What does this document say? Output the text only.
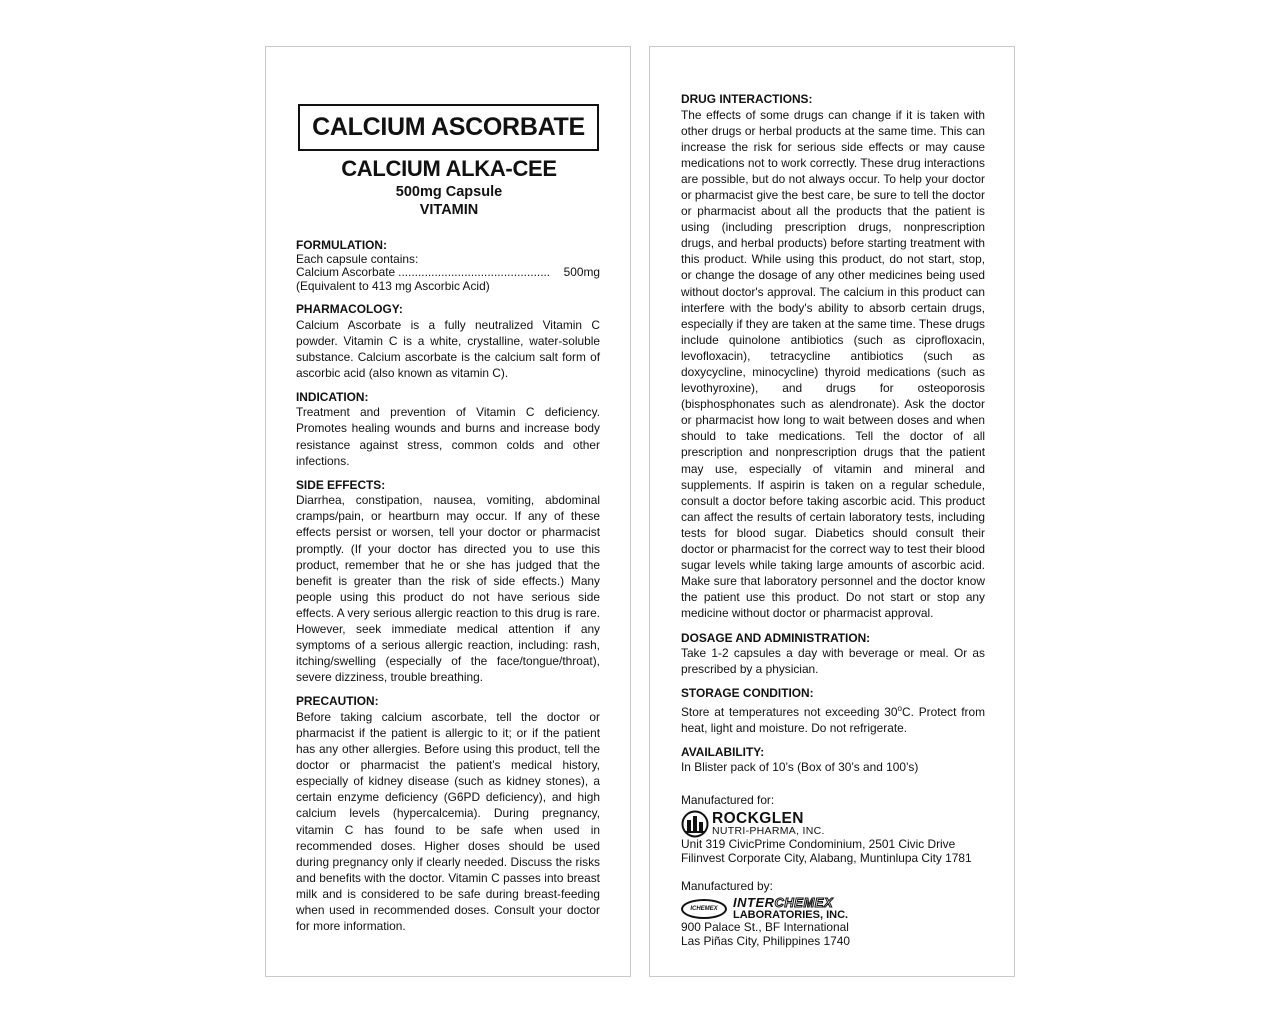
CALCIUM ASCORBATE
CALCIUM ALKA-CEE
500mg Capsule
VITAMIN
FORMULATION:
Each capsule contains:
Calcium Ascorbate ..............................................	500mg
(Equivalent to 413 mg Ascorbic Acid)
PHARMACOLOGY:
Calcium Ascorbate is a fully neutralized Vitamin C powder. Vitamin C is a white, crystalline, water-soluble substance. Calcium ascorbate is the calcium salt form of ascorbic acid (also known as vitamin C).
INDICATION:
Treatment and prevention of Vitamin C deficiency. Promotes healing wounds and burns and increase body resistance against stress, common colds and other infections.
SIDE EFFECTS:
Diarrhea, constipation, nausea, vomiting, abdominal cramps/pain, or heartburn may occur. If any of these effects persist or worsen, tell your doctor or pharmacist promptly. (If your doctor has directed you to use this product, remember that he or she has judged that the benefit is greater than the risk of side effects.) Many people using this product do not have serious side effects. A very serious allergic reaction to this drug is rare. However, seek immediate medical attention if any symptoms of a serious allergic reaction, including: rash, itching/swelling (especially of the face/tongue/throat), severe dizziness, trouble breathing.
PRECAUTION:
Before taking calcium ascorbate, tell the doctor or pharmacist if the patient is allergic to it; or if the patient has any other allergies. Before using this product, tell the doctor or pharmacist the patient’s medical history, especially of kidney disease (such as kidney stones), a certain enzyme deficiency (G6PD deficiency), and high calcium levels (hypercalcemia). During pregnancy, vitamin C has found to be safe when used in recommended doses. Higher doses should be used during pregnancy only if clearly needed. Discuss the risks and benefits with the doctor. Vitamin C passes into breast milk and is considered to be safe during breast-feeding when used in recommended doses. Consult your doctor for more information.
DRUG INTERACTIONS:
The effects of some drugs can change if it is taken with other drugs or herbal products at the same time. This can increase the risk for serious side effects or may cause medications not to work correctly. These drug interactions are possible, but do not always occur. To help your doctor or pharmacist give the best care, be sure to tell the doctor or pharmacist about all the products that the patient is using (including prescription drugs, nonprescription drugs, and herbal products) before starting treatment with this product. While using this product, do not start, stop, or change the dosage of any other medicines being used without doctor's approval. The calcium in this product can interfere with the body's ability to absorb certain drugs, especially if they are taken at the same time. These drugs include quinolone antibiotics (such as ciprofloxacin, levofloxacin), tetracycline antibiotics (such as doxycycline, minocycline) thyroid medications (such as levothyroxine), and drugs for osteoporosis (bisphosphonates such as alendronate). Ask the doctor or pharmacist how long to wait between doses and when should to take medications. Tell the doctor of all prescription and nonprescription drugs that the patient may use, especially of vitamin and mineral and supplements. If aspirin is taken on a regular schedule, consult a doctor before taking ascorbic acid. This product can affect the results of certain laboratory tests, including tests for blood sugar. Diabetics should consult their doctor or pharmacist for the correct way to test their blood sugar levels while taking large amounts of ascorbic acid. Make sure that laboratory personnel and the doctor know the patient use this product. Do not start or stop any medicine without doctor or pharmacist approval.
DOSAGE AND ADMINISTRATION:
Take 1-2 capsules a day with beverage or meal. Or as prescribed by a physician.
STORAGE CONDITION:
Store at temperatures not exceeding 30$^o$C. Protect from heat, light and moisture. Do not refrigerate.
AVAILABILITY:
In Blister pack of 10’s (Box of 30’s and 100’s)
Manufactured for:
ROCKGLEN
NUTRI-PHARMA, INC.
Unit 319 CivicPrime Condominium, 2501 Civic Drive
Filinvest Corporate City, Alabang, Muntinlupa City 1781
Manufactured by:
ICHEMEX	INTERCHEMEX
LABORATORIES, INC.
900 Palace St., BF International
Las Piñas City, Philippines 1740
